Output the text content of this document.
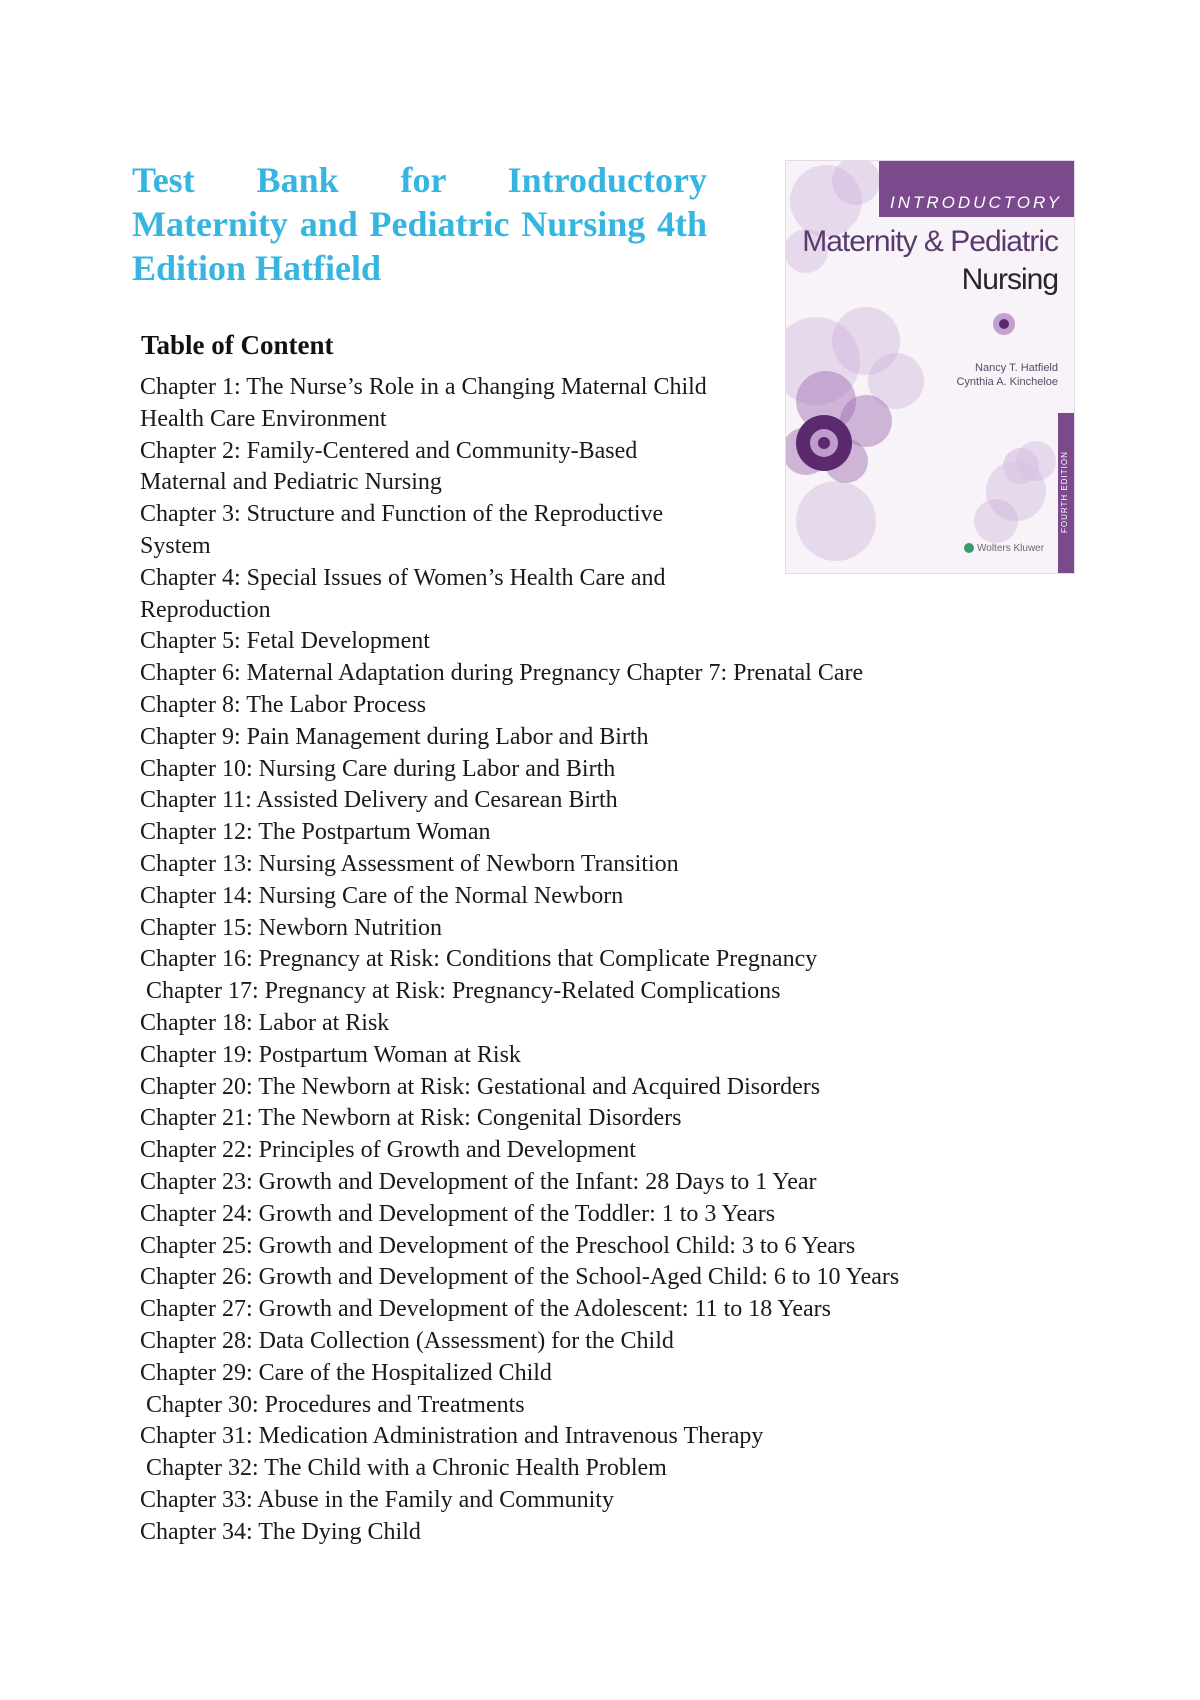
Test Bank for Introductory Maternity and Pediatric Nursing 4th Edition Hatfield
INTRODUCTORY
Maternity & Pediatric
Nursing
Nancy T. Hatfield
Cynthia A. Kincheloe
FOURTH EDITION
Wolters Kluwer
Table of Content
Chapter 1: The Nurse’s Role in a Changing Maternal Child
Health Care Environment
Chapter 2: Family-Centered and Community-Based
Maternal and Pediatric Nursing
Chapter 3: Structure and Function of the Reproductive
System
Chapter 4: Special Issues of Women’s Health Care and
Reproduction
Chapter 5: Fetal Development
Chapter 6: Maternal Adaptation during Pregnancy Chapter 7: Prenatal Care
Chapter 8: The Labor Process
Chapter 9: Pain Management during Labor and Birth
Chapter 10: Nursing Care during Labor and Birth
Chapter 11: Assisted Delivery and Cesarean Birth
Chapter 12: The Postpartum Woman
Chapter 13: Nursing Assessment of Newborn Transition
Chapter 14: Nursing Care of the Normal Newborn
Chapter 15: Newborn Nutrition
Chapter 16: Pregnancy at Risk: Conditions that Complicate Pregnancy
Chapter 17: Pregnancy at Risk: Pregnancy-Related Complications
Chapter 18: Labor at Risk
Chapter 19: Postpartum Woman at Risk
Chapter 20: The Newborn at Risk: Gestational and Acquired Disorders
Chapter 21: The Newborn at Risk: Congenital Disorders
Chapter 22: Principles of Growth and Development
Chapter 23: Growth and Development of the Infant: 28 Days to 1 Year
Chapter 24: Growth and Development of the Toddler: 1 to 3 Years
Chapter 25: Growth and Development of the Preschool Child: 3 to 6 Years
Chapter 26: Growth and Development of the School-Aged Child: 6 to 10 Years
Chapter 27: Growth and Development of the Adolescent: 11 to 18 Years
Chapter 28: Data Collection (Assessment) for the Child
Chapter 29: Care of the Hospitalized Child
Chapter 30: Procedures and Treatments
Chapter 31: Medication Administration and Intravenous Therapy
Chapter 32: The Child with a Chronic Health Problem
Chapter 33: Abuse in the Family and Community
Chapter 34: The Dying Child
